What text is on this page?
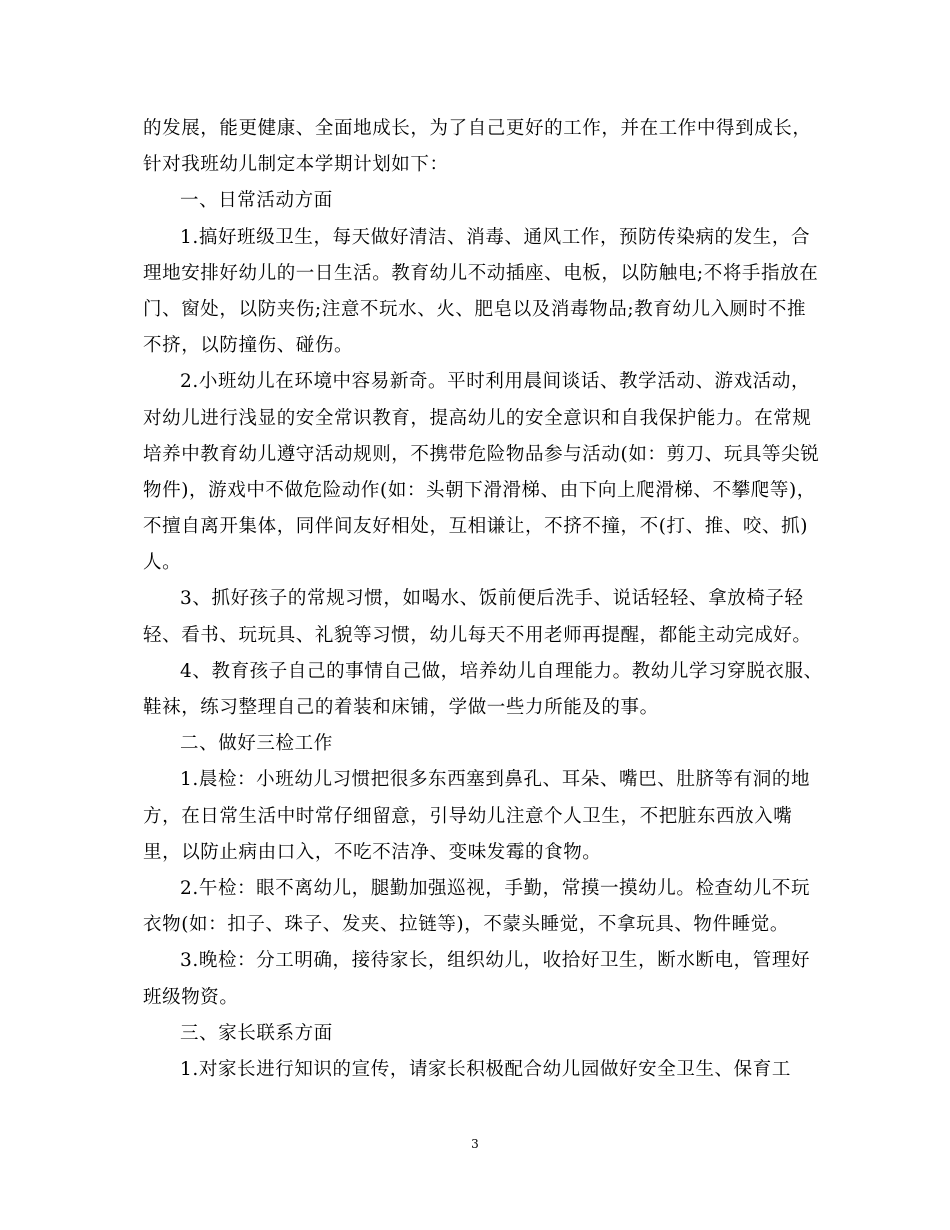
的发展，能更健康、全面地成长，为了自己更好的工作，并在工作中得到成长，
针对我班幼儿制定本学期计划如下：
一、日常活动方面
1.搞好班级卫生，每天做好清洁、消毒、通风工作，预防传染病的发生，合
理地安排好幼儿的一日生活。教育幼儿不动插座、电板，以防触电;不将手指放在
门、窗处，以防夹伤;注意不玩水、火、肥皂以及消毒物品;教育幼儿入厕时不推
不挤，以防撞伤、碰伤。
2.小班幼儿在环境中容易新奇。平时利用晨间谈话、教学活动、游戏活动，
对幼儿进行浅显的安全常识教育，提高幼儿的安全意识和自我保护能力。在常规
培养中教育幼儿遵守活动规则，不携带危险物品参与活动(如：剪刀、玩具等尖锐
物件)，游戏中不做危险动作(如：头朝下滑滑梯、由下向上爬滑梯、不攀爬等)，
不擅自离开集体，同伴间友好相处，互相谦让，不挤不撞，不(打、推、咬、抓)
人。
3、抓好孩子的常规习惯，如喝水、饭前便后洗手、说话轻轻、拿放椅子轻
轻、看书、玩玩具、礼貌等习惯，幼儿每天不用老师再提醒，都能主动完成好。
4、教育孩子自己的事情自己做，培养幼儿自理能力。教幼儿学习穿脱衣服、
鞋袜，练习整理自己的着装和床铺，学做一些力所能及的事。
二、做好三检工作
1.晨检：小班幼儿习惯把很多东西塞到鼻孔、耳朵、嘴巴、肚脐等有洞的地
方，在日常生活中时常仔细留意，引导幼儿注意个人卫生，不把脏东西放入嘴
里，以防止病由口入，不吃不洁净、变味发霉的食物。
2.午检：眼不离幼儿，腿勤加强巡视，手勤，常摸一摸幼儿。检查幼儿不玩
衣物(如：扣子、珠子、发夹、拉链等)，不蒙头睡觉，不拿玩具、物件睡觉。
3.晚检：分工明确，接待家长，组织幼儿，收拾好卫生，断水断电，管理好
班级物资。
三、家长联系方面
1.对家长进行知识的宣传，请家长积极配合幼儿园做好安全卫生、保育工
3
